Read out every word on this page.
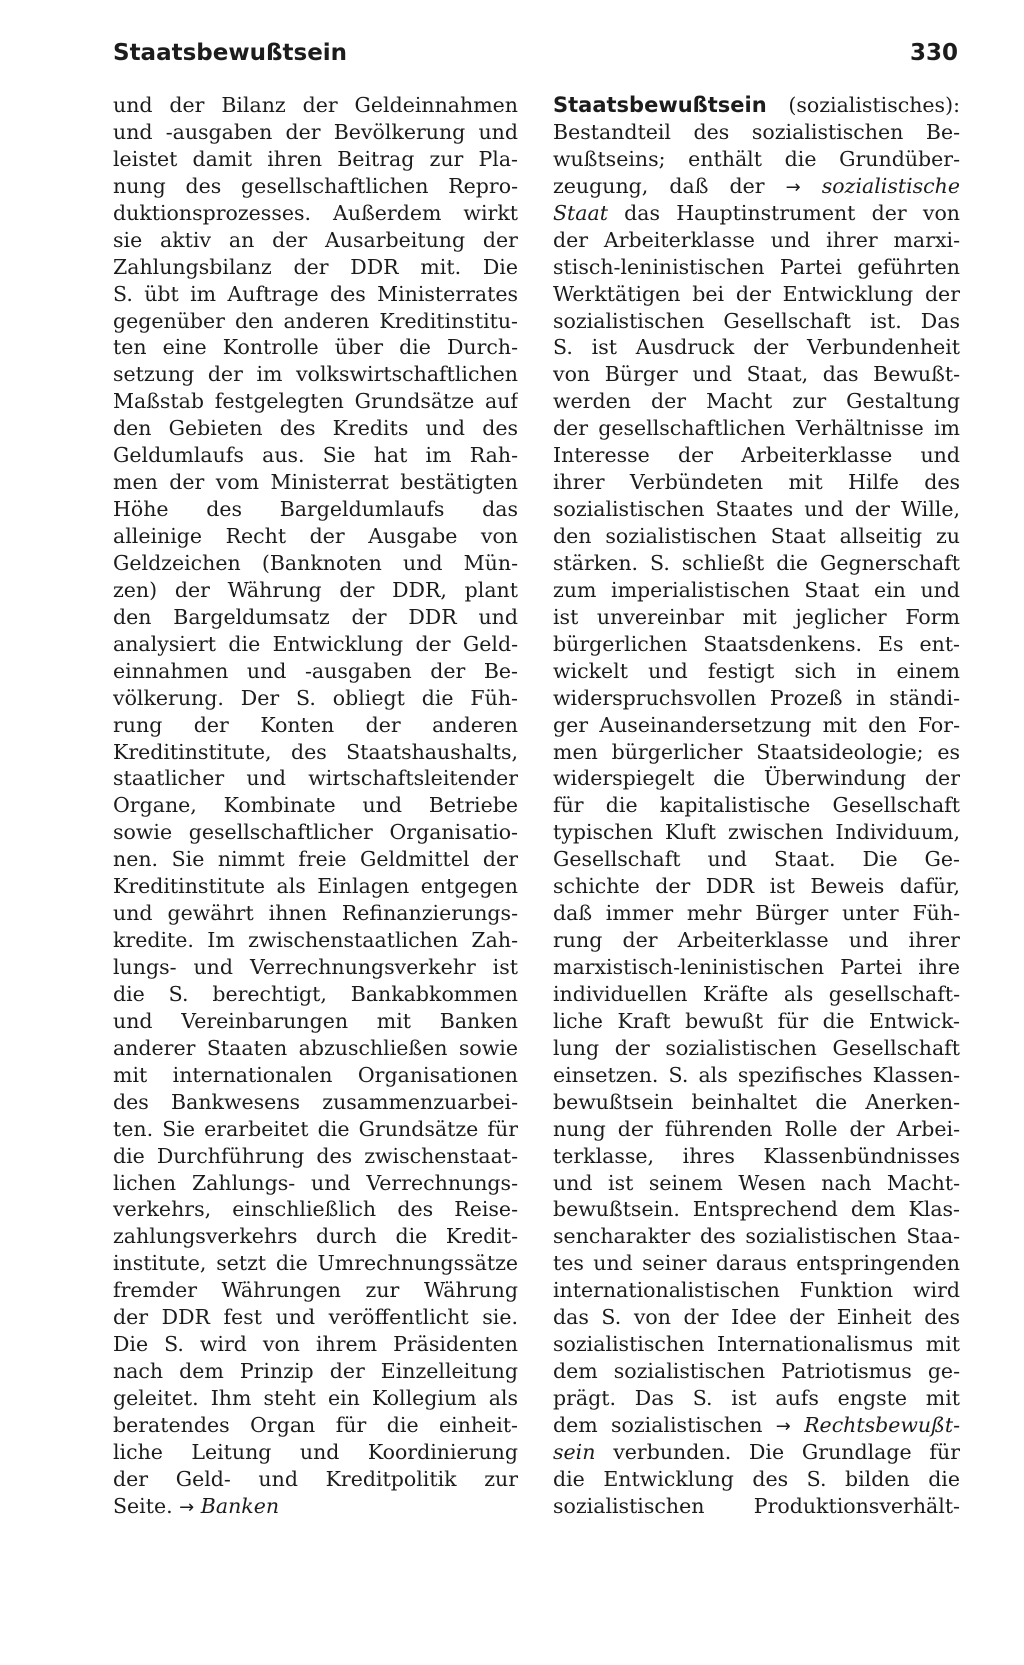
Staatsbewußtsein	330
und der Bilanz der Geldeinnahmen
und -ausgaben der Bevölkerung und
leistet damit ihren Beitrag zur Pla-
nung des gesellschaftlichen Repro-
duktionsprozesses. Außerdem wirkt
sie aktiv an der Ausarbeitung der
Zahlungsbilanz der DDR mit. Die
S. übt im Auftrage des Ministerrates
gegenüber den anderen Kreditinstitu-
ten eine Kontrolle über die Durch-
setzung der im volkswirtschaftlichen
Maßstab festgelegten Grundsätze auf
den Gebieten des Kredits und des
Geldumlaufs aus. Sie hat im Rah-
men der vom Ministerrat bestätigten
Höhe des Bargeldumlaufs das
alleinige Recht der Ausgabe von
Geldzeichen (Banknoten und Mün-
zen) der Währung der DDR, plant
den Bargeldumsatz der DDR und
analysiert die Entwicklung der Geld-
einnahmen und -ausgaben der Be-
völkerung. Der S. obliegt die Füh-
rung der Konten der anderen
Kreditinstitute, des Staatshaushalts,
staatlicher und wirtschaftsleitender
Organe, Kombinate und Betriebe
sowie gesellschaftlicher Organisatio-
nen. Sie nimmt freie Geldmittel der
Kreditinstitute als Einlagen entgegen
und gewährt ihnen Refinanzierungs-
kredite. Im zwischenstaatlichen Zah-
lungs- und Verrechnungsverkehr ist
die S. berechtigt, Bankabkommen
und Vereinbarungen mit Banken
anderer Staaten abzuschließen sowie
mit internationalen Organisationen
des Bankwesens zusammenzuarbei-
ten. Sie erarbeitet die Grundsätze für
die Durchführung des zwischenstaat-
lichen Zahlungs- und Verrechnungs-
verkehrs, einschließlich des Reise-
zahlungsverkehrs durch die Kredit-
institute, setzt die Umrechnungssätze
fremder Währungen zur Währung
der DDR fest und veröffentlicht sie.
Die S. wird von ihrem Präsidenten
nach dem Prinzip der Einzelleitung
geleitet. Ihm steht ein Kollegium als
beratendes Organ für die einheit-
liche Leitung und Koordinierung
der Geld- und Kreditpolitik zur
Seite. → Banken
Staatsbewußtsein (sozialistisches):
Bestandteil des sozialistischen Be-
wußtseins; enthält die Grundüber-
zeugung, daß der → sozialistische
Staat das Hauptinstrument der von
der Arbeiterklasse und ihrer marxi-
stisch-leninistischen Partei geführten
Werktätigen bei der Entwicklung der
sozialistischen Gesellschaft ist. Das
S. ist Ausdruck der Verbundenheit
von Bürger und Staat, das Bewußt-
werden der Macht zur Gestaltung
der gesellschaftlichen Verhältnisse im
Interesse der Arbeiterklasse und
ihrer Verbündeten mit Hilfe des
sozialistischen Staates und der Wille,
den sozialistischen Staat allseitig zu
stärken. S. schließt die Gegnerschaft
zum imperialistischen Staat ein und
ist unvereinbar mit jeglicher Form
bürgerlichen Staatsdenkens. Es ent-
wickelt und festigt sich in einem
widerspruchsvollen Prozeß in ständi-
ger Auseinandersetzung mit den For-
men bürgerlicher Staatsideologie; es
widerspiegelt die Überwindung der
für die kapitalistische Gesellschaft
typischen Kluft zwischen Individuum,
Gesellschaft und Staat. Die Ge-
schichte der DDR ist Beweis dafür,
daß immer mehr Bürger unter Füh-
rung der Arbeiterklasse und ihrer
marxistisch-leninistischen Partei ihre
individuellen Kräfte als gesellschaft-
liche Kraft bewußt für die Entwick-
lung der sozialistischen Gesellschaft
einsetzen. S. als spezifisches Klassen-
bewußtsein beinhaltet die Anerken-
nung der führenden Rolle der Arbei-
terklasse, ihres Klassenbündnisses
und ist seinem Wesen nach Macht-
bewußtsein. Entsprechend dem Klas-
sencharakter des sozialistischen Staa-
tes und seiner daraus entspringenden
internationalistischen Funktion wird
das S. von der Idee der Einheit des
sozialistischen Internationalismus mit
dem sozialistischen Patriotismus ge-
prägt. Das S. ist aufs engste mit
dem sozialistischen → Rechtsbewußt-
sein verbunden. Die Grundlage für
die Entwicklung des S. bilden die
sozialistischen Produktionsverhält-
